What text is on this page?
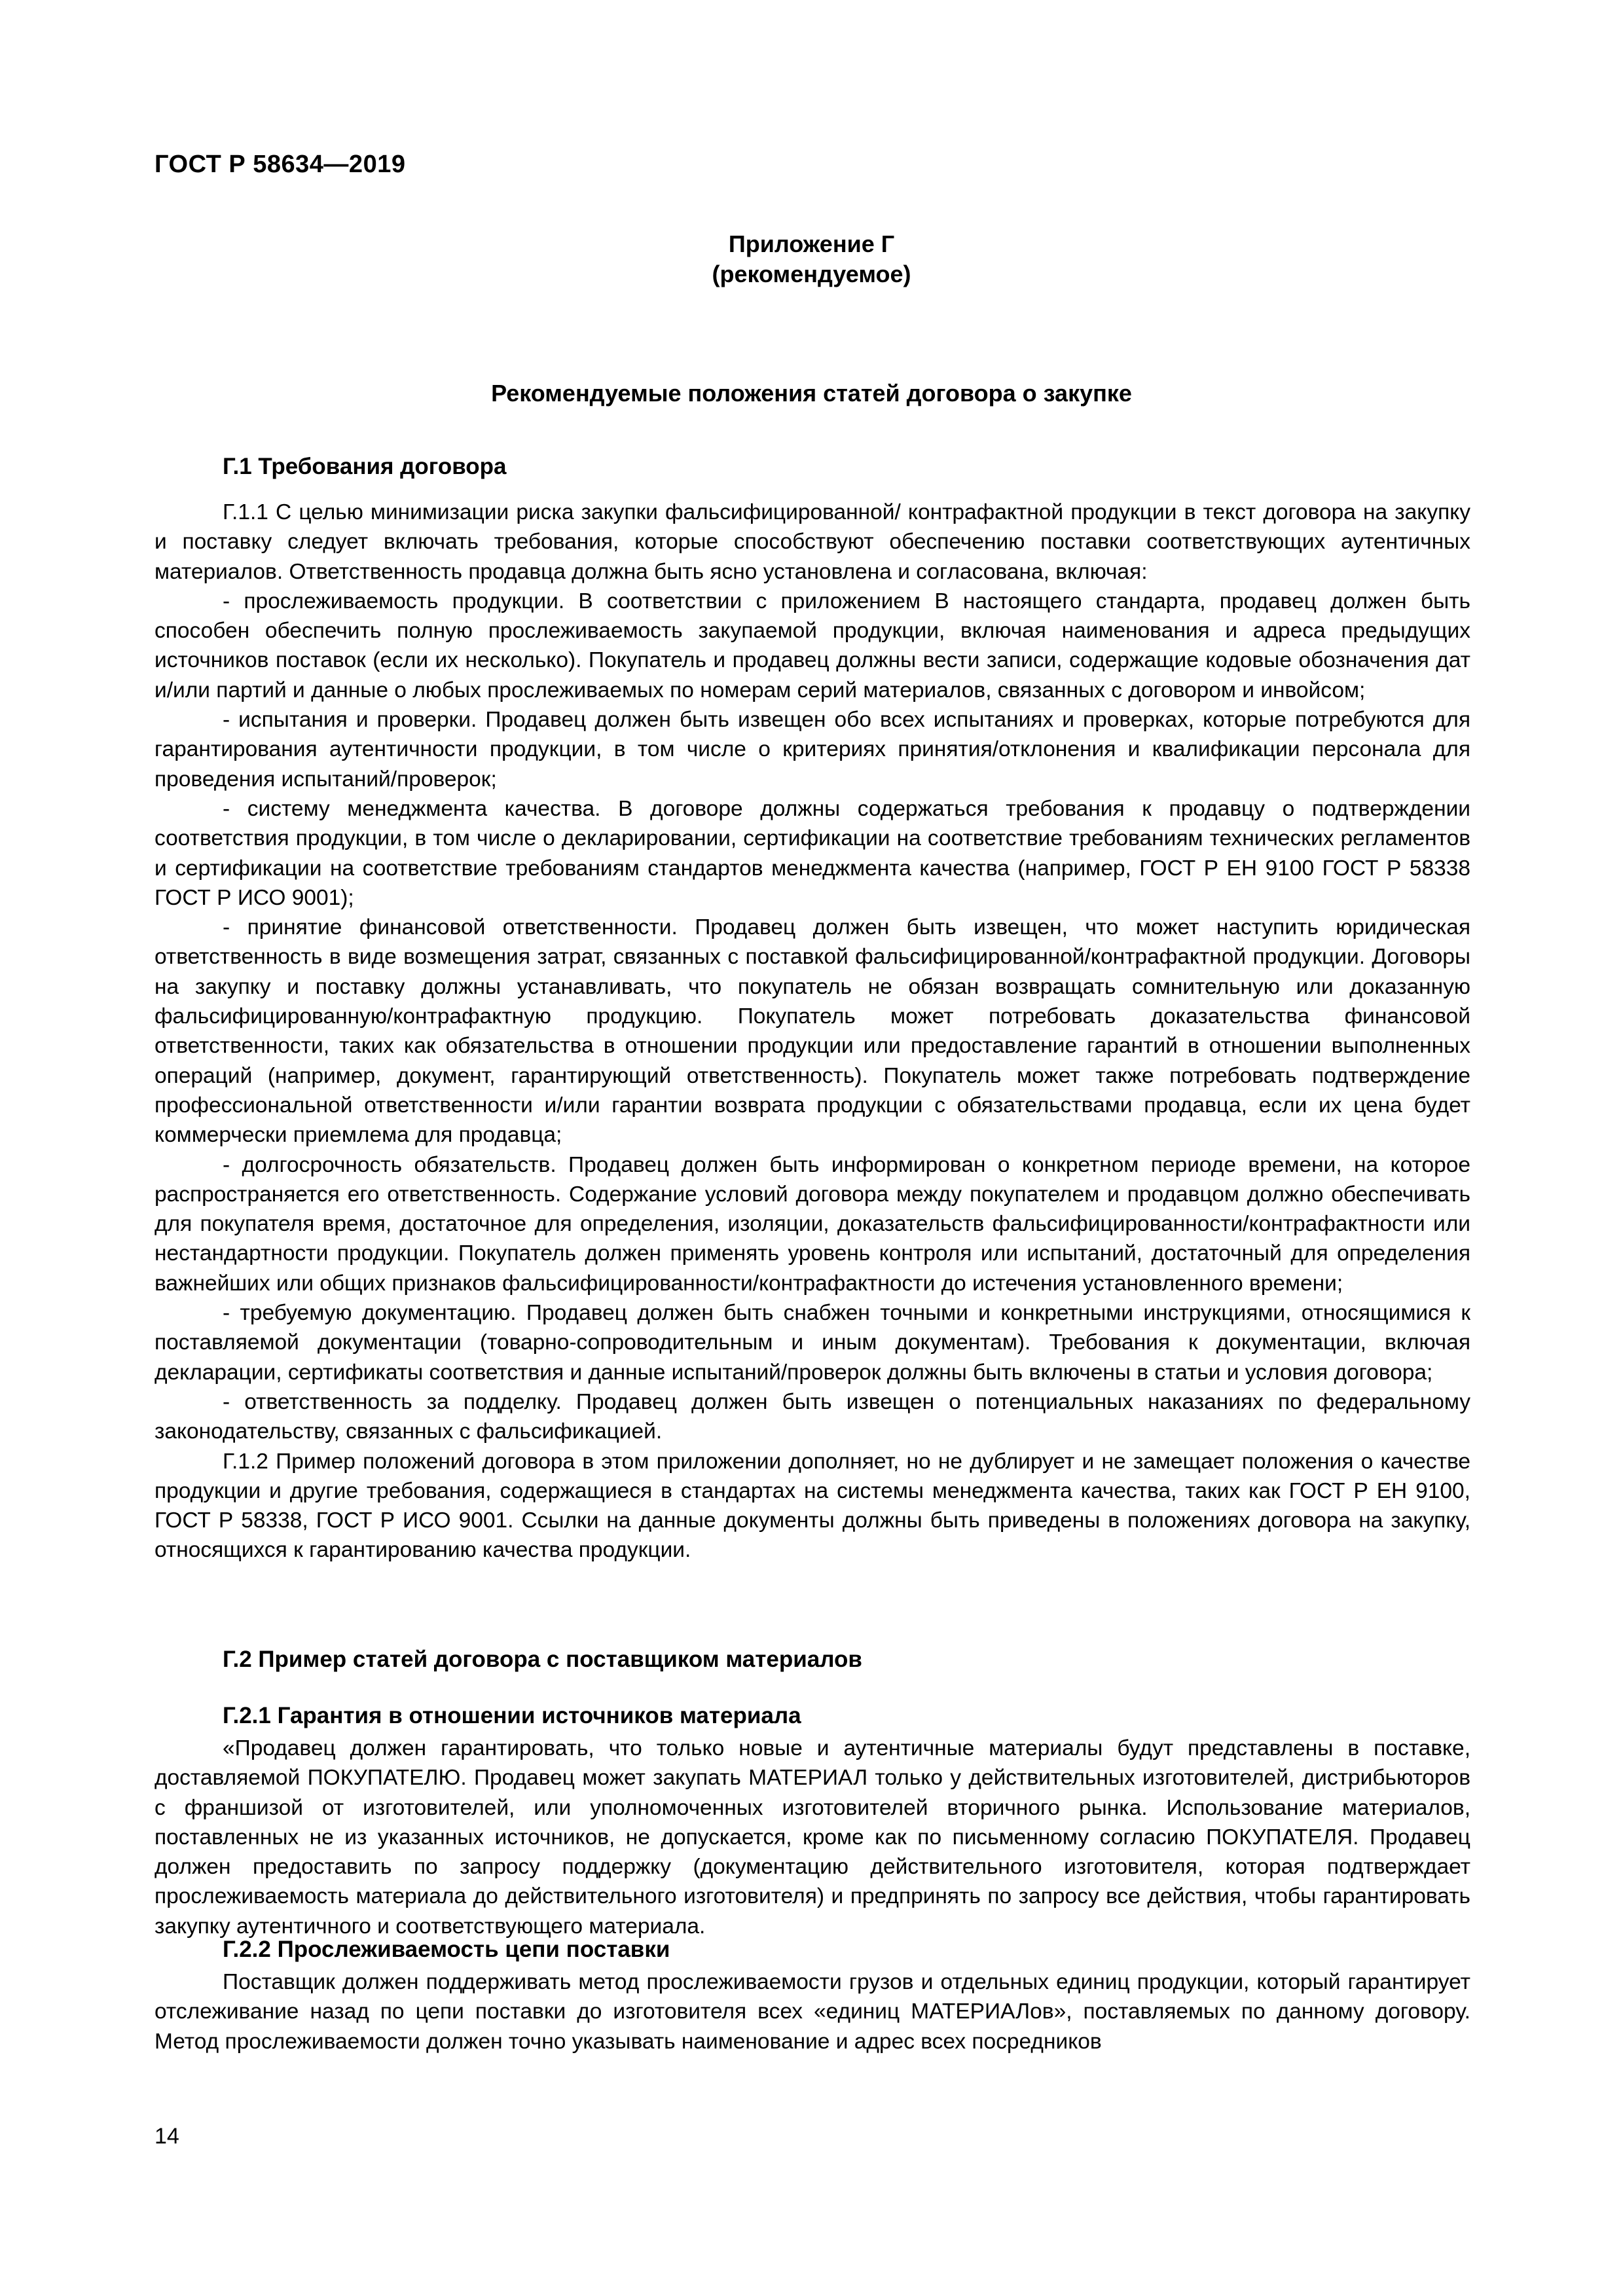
ГОСТ Р 58634—2019
Приложение Г
(рекомендуемое)
Рекомендуемые положения статей договора о закупке
Г.1 Требования договора

Г.1.1 С целью минимизации риска закупки фальсифицированной/ контрафактной продукции в текст договора на закупку и поставку следует включать требования, которые способствуют обеспечению поставки соответствующих аутентичных материалов. Ответственность продавца должна быть ясно установлена и согласована, включая:

- прослеживаемость продукции. В соответствии с приложением В настоящего стандарта, продавец должен быть способен обеспечить полную прослеживаемость закупаемой продукции, включая наименования и адреса предыдущих источников поставок (если их несколько). Покупатель и продавец должны вести записи, содержащие кодовые обозначения дат и/или партий и данные о любых прослеживаемых по номерам серий материалов, связанных с договором и инвойсом;

- испытания и проверки. Продавец должен быть извещен обо всех испытаниях и проверках, которые потребуются для гарантирования аутентичности продукции, в том числе о критериях принятия/отклонения и квалификации персонала для проведения испытаний/проверок;

- систему менеджмента качества. В договоре должны содержаться требования к продавцу о подтверждении соответствия продукции, в том числе о декларировании, сертификации на соответствие требованиям технических регламентов и сертификации на соответствие требованиям стандартов менеджмента качества (например, ГОСТ Р ЕН 9100 ГОСТ Р 58338 ГОСТ Р ИСО 9001);

- принятие финансовой ответственности. Продавец должен быть извещен, что может наступить юридическая ответственность в виде возмещения затрат, связанных с поставкой фальсифицированной/контрафактной продукции. Договоры на закупку и поставку должны устанавливать, что покупатель не обязан возвращать сомнительную или доказанную фальсифицированную/контрафактную продукцию. Покупатель может потребовать доказательства финансовой ответственности, таких как обязательства в отношении продукции или предоставление гарантий в отношении выполненных операций (например, документ, гарантирующий ответственность). Покупатель может также потребовать подтверждение профессиональной ответственности и/или гарантии возврата продукции с обязательствами продавца, если их цена будет коммерчески приемлема для продавца;

- долгосрочность обязательств. Продавец должен быть информирован о конкретном периоде времени, на которое распространяется его ответственность. Содержание условий договора между покупателем и продавцом должно обеспечивать для покупателя время, достаточное для определения, изоляции, доказательств фальсифицированности/контрафактности или нестандартности продукции. Покупатель должен применять уровень контроля или испытаний, достаточный для определения важнейших или общих признаков фальсифицированности/контрафактности до истечения установленного времени;

- требуемую документацию. Продавец должен быть снабжен точными и конкретными инструкциями, относящимися к поставляемой документации (товарно-сопроводительным и иным документам). Требования к документации, включая декларации, сертификаты соответствия и данные испытаний/проверок должны быть включены в статьи и условия договора;

- ответственность за подделку. Продавец должен быть извещен о потенциальных наказаниях по федеральному законодательству, связанных с фальсификацией.

Г.1.2 Пример положений договора в этом приложении дополняет, но не дублирует и не замещает положения о качестве продукции и другие требования, содержащиеся в стандартах на системы менеджмента качества, таких как ГОСТ Р ЕН 9100, ГОСТ Р 58338, ГОСТ Р ИСО 9001. Ссылки на данные документы должны быть приведены в положениях договора на закупку, относящихся к гарантированию качества продукции.

Г.2 Пример статей договора с поставщиком материалов
Г.2.1 Гарантия в отношении источников материала

«Продавец должен гарантировать, что только новые и аутентичные материалы будут представлены в поставке, доставляемой ПОКУПАТЕЛЮ. Продавец может закупать МАТЕРИАЛ только у действительных изготовителей, дистрибьюторов с франшизой от изготовителей, или уполномоченных изготовителей вторичного рынка. Использование материалов, поставленных не из указанных источников, не допускается, кроме как по письменному согласию ПОКУПАТЕЛЯ. Продавец должен предоставить по запросу поддержку (документацию действительного изготовителя, которая подтверждает прослеживаемость материала до действительного изготовителя) и предпринять по запросу все действия, чтобы гарантировать закупку аутентичного и соответствующего материала.

Г.2.2 Прослеживаемость цепи поставки

Поставщик должен поддерживать метод прослеживаемости грузов и отдельных единиц продукции, который гарантирует отслеживание назад по цепи поставки до изготовителя всех «единиц МАТЕРИАЛов», поставляемых по данному договору. Метод прослеживаемости должен точно указывать наименование и адрес всех посредников

14
